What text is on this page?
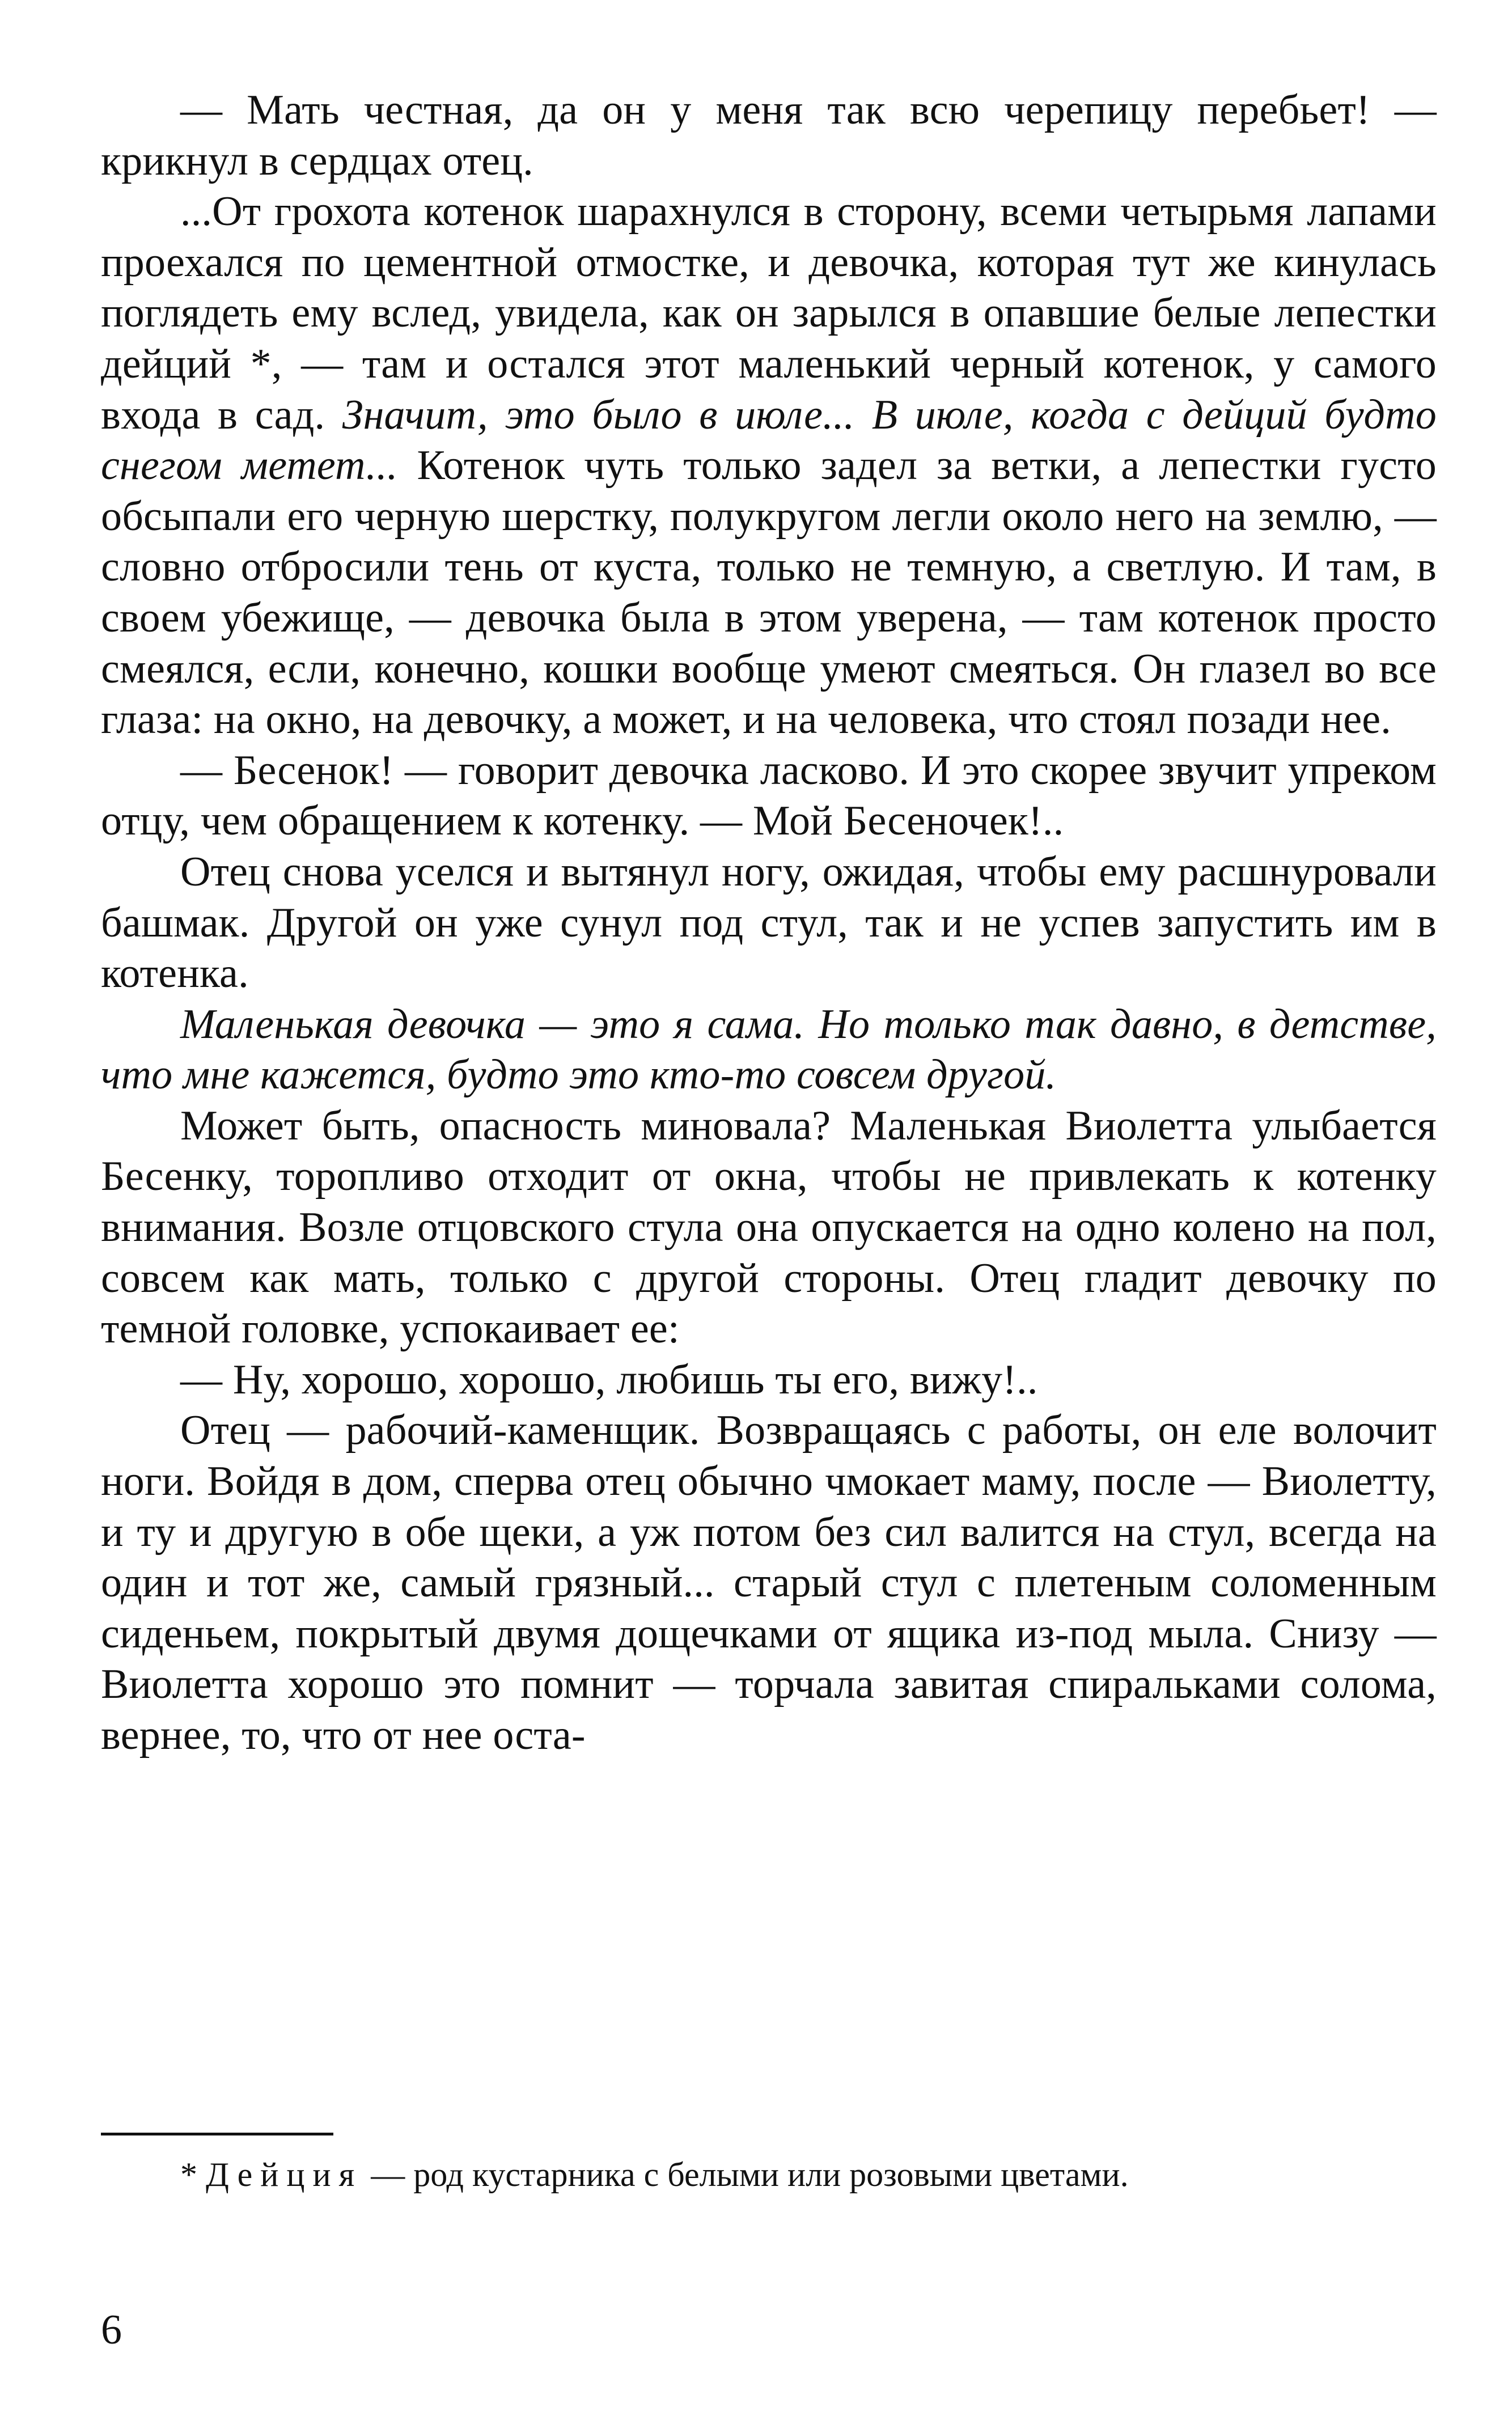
— Мать честная, да он у меня так всю черепицу перебьет! — крикнул в сердцах отец.

...От грохота котенок шарахнулся в сторону, всеми четырьмя лапами проехался по цементной отмостке, и девочка, которая тут же кинулась поглядеть ему вслед, увидела, как он зарылся в опавшие белые лепестки дейций *, — там и остался этот маленький черный котенок, у самого входа в сад. Значит, это было в июле... В июле, когда с дейций будто снегом метет... Котенок чуть только задел за ветки, а лепестки густо обсыпали его черную шерстку, полукругом легли около него на землю, — словно отбросили тень от куста, только не темную, а светлую. И там, в своем убежище, — девочка была в этом уверена, — там котенок просто смеялся, если, конечно, кошки вообще умеют смеяться. Он глазел во все глаза: на окно, на девочку, а может, и на человека, что стоял позади нее.

— Бесенок! — говорит девочка ласково. И это скорее звучит упреком отцу, чем обращением к котенку. — Мой Бесеночек!..

Отец снова уселся и вытянул ногу, ожидая, чтобы ему расшнуровали башмак. Другой он уже сунул под стул, так и не успев запустить им в котенка.

Маленькая девочка — это я сама. Но только так давно, в детстве, что мне кажется, будто это кто-то совсем другой.

Может быть, опасность миновала? Маленькая Виолетта улыбается Бесенку, торопливо отходит от окна, чтобы не привлекать к котенку внимания. Возле отцовского стула она опускается на одно колено на пол, совсем как мать, только с другой стороны. Отец гладит девочку по темной головке, успокаивает ее:

— Ну, хорошо, хорошо, любишь ты его, вижу!..

Отец — рабочий-каменщик. Возвращаясь с работы, он еле волочит ноги. Войдя в дом, сперва отец обычно чмокает маму, после — Виолетту, и ту и другую в обе щеки, а уж потом без сил валится на стул, всегда на один и тот же, самый грязный... старый стул с плетеным соломенным сиденьем, покрытый двумя дощечками от ящика из-под мыла. Снизу — Виолетта хорошо это помнит — торчала завитая спиральками солома, вернее, то, что от нее оста-

* Дейция — род кустарника с белыми или розовыми цветами.

6
